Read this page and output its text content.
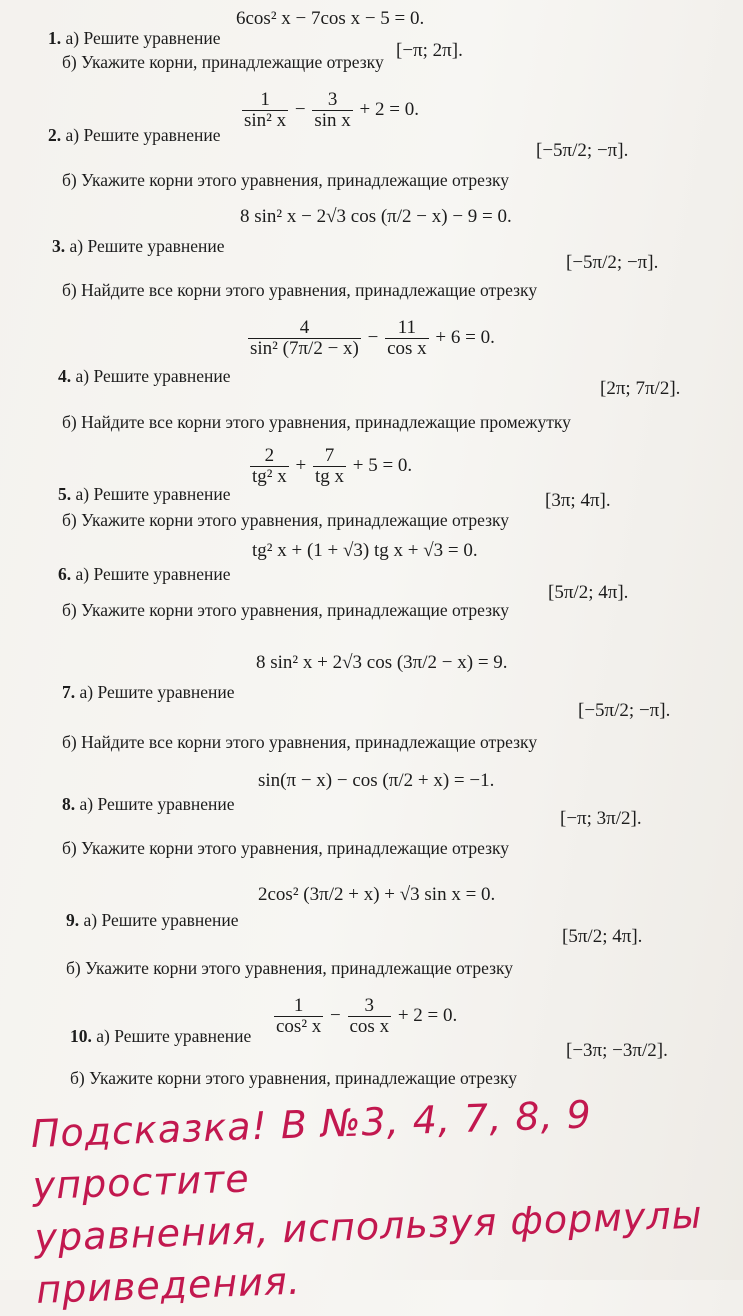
1. а) Решите уравнение
6cos² x − 7cos x − 5 = 0.
б) Укажите корни, принадлежащие отрезку
[−π; 2π].
$\frac{1}{\text{sin² x}} - \frac{3}{\text{sin x}} + 2 = 0$.
2. а) Решите уравнение
б) Укажите корни этого уравнения, принадлежащие отрезку
[−5π/2; −π].
8 sin² x − 2√3 cos (π/2 − x) − 9 = 0.
3. а) Решите уравнение
б) Найдите все корни этого уравнения, принадлежащие отрезку
[−5π/2; −π].
$\frac{4}{\text{sin² (7π/2 − x)}} - \frac{11}{\text{cos x}} + 6 = 0$.
4. а) Решите уравнение
б) Найдите все корни этого уравнения, принадлежащие промежутку
[2π; 7π/2].
$\frac{2}{\text{tg² x}} + \frac{7}{\text{tg x}} + 5 = 0$.
5. а) Решите уравнение
б) Укажите корни этого уравнения, принадлежащие отрезку
[3π; 4π].
tg² x + (1 + √3) tg x + √3 = 0.
6. а) Решите уравнение
б) Укажите корни этого уравнения, принадлежащие отрезку
[5π/2; 4π].
8 sin² x + 2√3 cos (3π/2 − x) = 9.
7. а) Решите уравнение
б) Найдите все корни этого уравнения, принадлежащие отрезку
[−5π/2; −π].
sin(π − x) − cos (π/2 + x) = −1.
8. а) Решите уравнение
б) Укажите корни этого уравнения, принадлежащие отрезку
[−π; 3π/2].
2cos² (3π/2 + x) + √3 sin x = 0.
9. а) Решите уравнение
б) Укажите корни этого уравнения, принадлежащие отрезку
[5π/2; 4π].
$\frac{1}{\text{cos² x}} - \frac{3}{\text{cos x}} + 2 = 0$.
10. а) Решите уравнение
б) Укажите корни этого уравнения, принадлежащие отрезку
[−3π; −3π/2].
Подсказка! В №3, 4, 7, 8, 9 упростите
уравнения, используя формулы
приведения.
